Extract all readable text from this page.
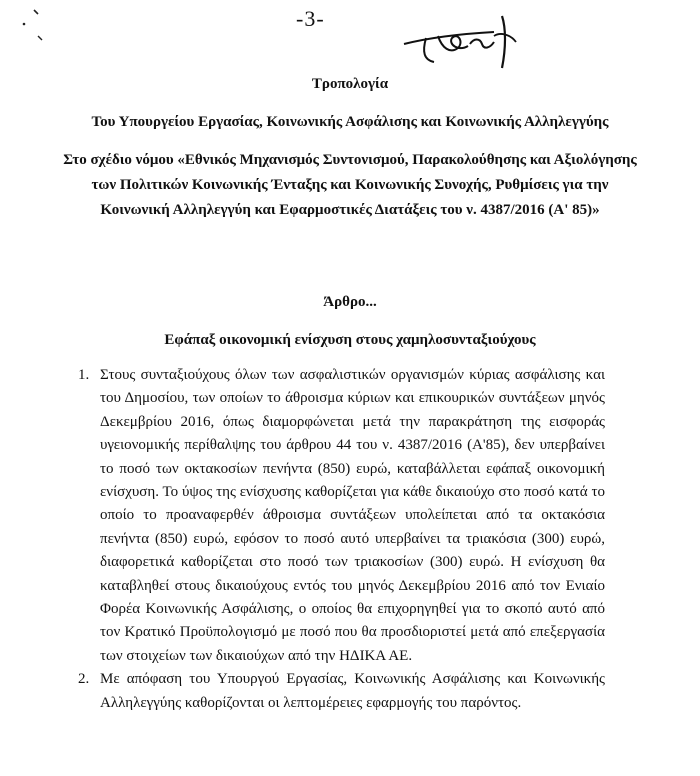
-3-
Τροπολογία
Του Υπουργείου Εργασίας, Κοινωνικής Ασφάλισης και Κοινωνικής Αλληλεγγύης
Στο σχέδιο νόμου «Εθνικός Μηχανισμός Συντονισμού, Παρακολούθησης και Αξιολόγησης των Πολιτικών Κοινωνικής Ένταξης και Κοινωνικής Συνοχής, Ρυθμίσεις για την Κοινωνική Αλληλεγγύη και Εφαρμοστικές Διατάξεις του ν. 4387/2016 (Α' 85)»
Άρθρο...
Εφάπαξ οικονομική ενίσχυση στους χαμηλοσυνταξιούχους
1. Στους συνταξιούχους όλων των ασφαλιστικών οργανισμών κύριας ασφάλισης και του Δημοσίου, των οποίων το άθροισμα κύριων και επικουρικών συντάξεων μηνός Δεκεμβρίου 2016, όπως διαμορφώνεται μετά την παρακράτηση της εισφοράς υγειονομικής περίθαλψης του άρθρου 44 του ν. 4387/2016 (Α'85), δεν υπερβαίνει το ποσό των οκτακοσίων πενήντα (850) ευρώ, καταβάλλεται εφάπαξ οικονομική ενίσχυση. Το ύψος της ενίσχυσης καθορίζεται για κάθε δικαιούχο στο ποσό κατά το οποίο το προαναφερθέν άθροισμα συντάξεων υπολείπεται από τα οκτακόσια πενήντα (850) ευρώ, εφόσον το ποσό αυτό υπερβαίνει τα τριακόσια (300) ευρώ, διαφορετικά καθορίζεται στο ποσό των τριακοσίων (300) ευρώ. Η ενίσχυση θα καταβληθεί στους δικαιούχους εντός του μηνός Δεκεμβρίου 2016 από τον Ενιαίο Φορέα Κοινωνικής Ασφάλισης, ο οποίος θα επιχορηγηθεί για το σκοπό αυτό από τον Κρατικό Προϋπολογισμό με ποσό που θα προσδιοριστεί μετά από επεξεργασία των στοιχείων των δικαιούχων από την ΗΔΙΚΑ ΑΕ.
2. Με απόφαση του Υπουργού Εργασίας, Κοινωνικής Ασφάλισης και Κοινωνικής Αλληλεγγύης καθορίζονται οι λεπτομέρειες εφαρμογής του παρόντος.
